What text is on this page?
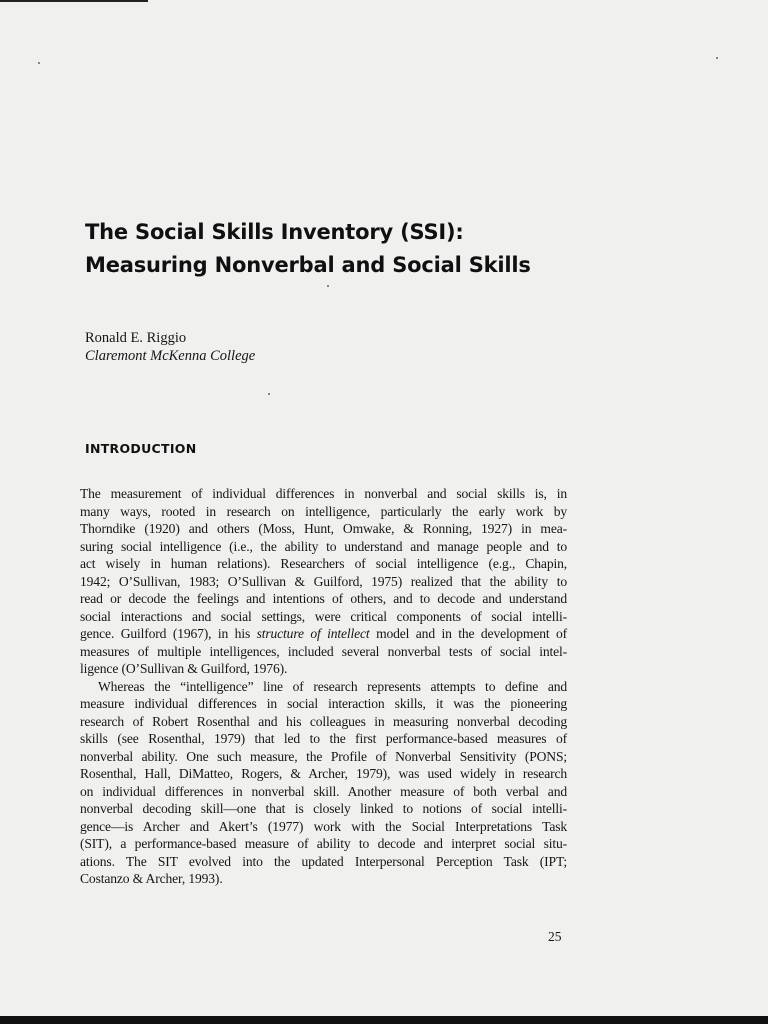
The Social Skills Inventory (SSI):
Measuring Nonverbal and Social Skills
Ronald E. Riggio
Claremont McKenna College
INTRODUCTION
The measurement of individual differences in nonverbal and social skills is, in
many ways, rooted in research on intelligence, particularly the early work by
Thorndike (1920) and others (Moss, Hunt, Omwake, & Ronning, 1927) in mea-
suring social intelligence (i.e., the ability to understand and manage people and to
act wisely in human relations). Researchers of social intelligence (e.g., Chapin,
1942; O’Sullivan, 1983; O’Sullivan & Guilford, 1975) realized that the ability to
read or decode the feelings and intentions of others, and to decode and understand
social interactions and social settings, were critical components of social intelli-
gence. Guilford (1967), in his structure of intellect model and in the development of
measures of multiple intelligences, included several nonverbal tests of social intel-
ligence (O’Sullivan & Guilford, 1976).
Whereas the “intelligence” line of research represents attempts to define and
measure individual differences in social interaction skills, it was the pioneering
research of Robert Rosenthal and his colleagues in measuring nonverbal decoding
skills (see Rosenthal, 1979) that led to the first performance-based measures of
nonverbal ability. One such measure, the Profile of Nonverbal Sensitivity (PONS;
Rosenthal, Hall, DiMatteo, Rogers, & Archer, 1979), was used widely in research
on individual differences in nonverbal skill. Another measure of both verbal and
nonverbal decoding skill—one that is closely linked to notions of social intelli-
gence—is Archer and Akert’s (1977) work with the Social Interpretations Task
(SIT), a performance-based measure of ability to decode and interpret social situ-
ations. The SIT evolved into the updated Interpersonal Perception Task (IPT;
Costanzo & Archer, 1993).
25
